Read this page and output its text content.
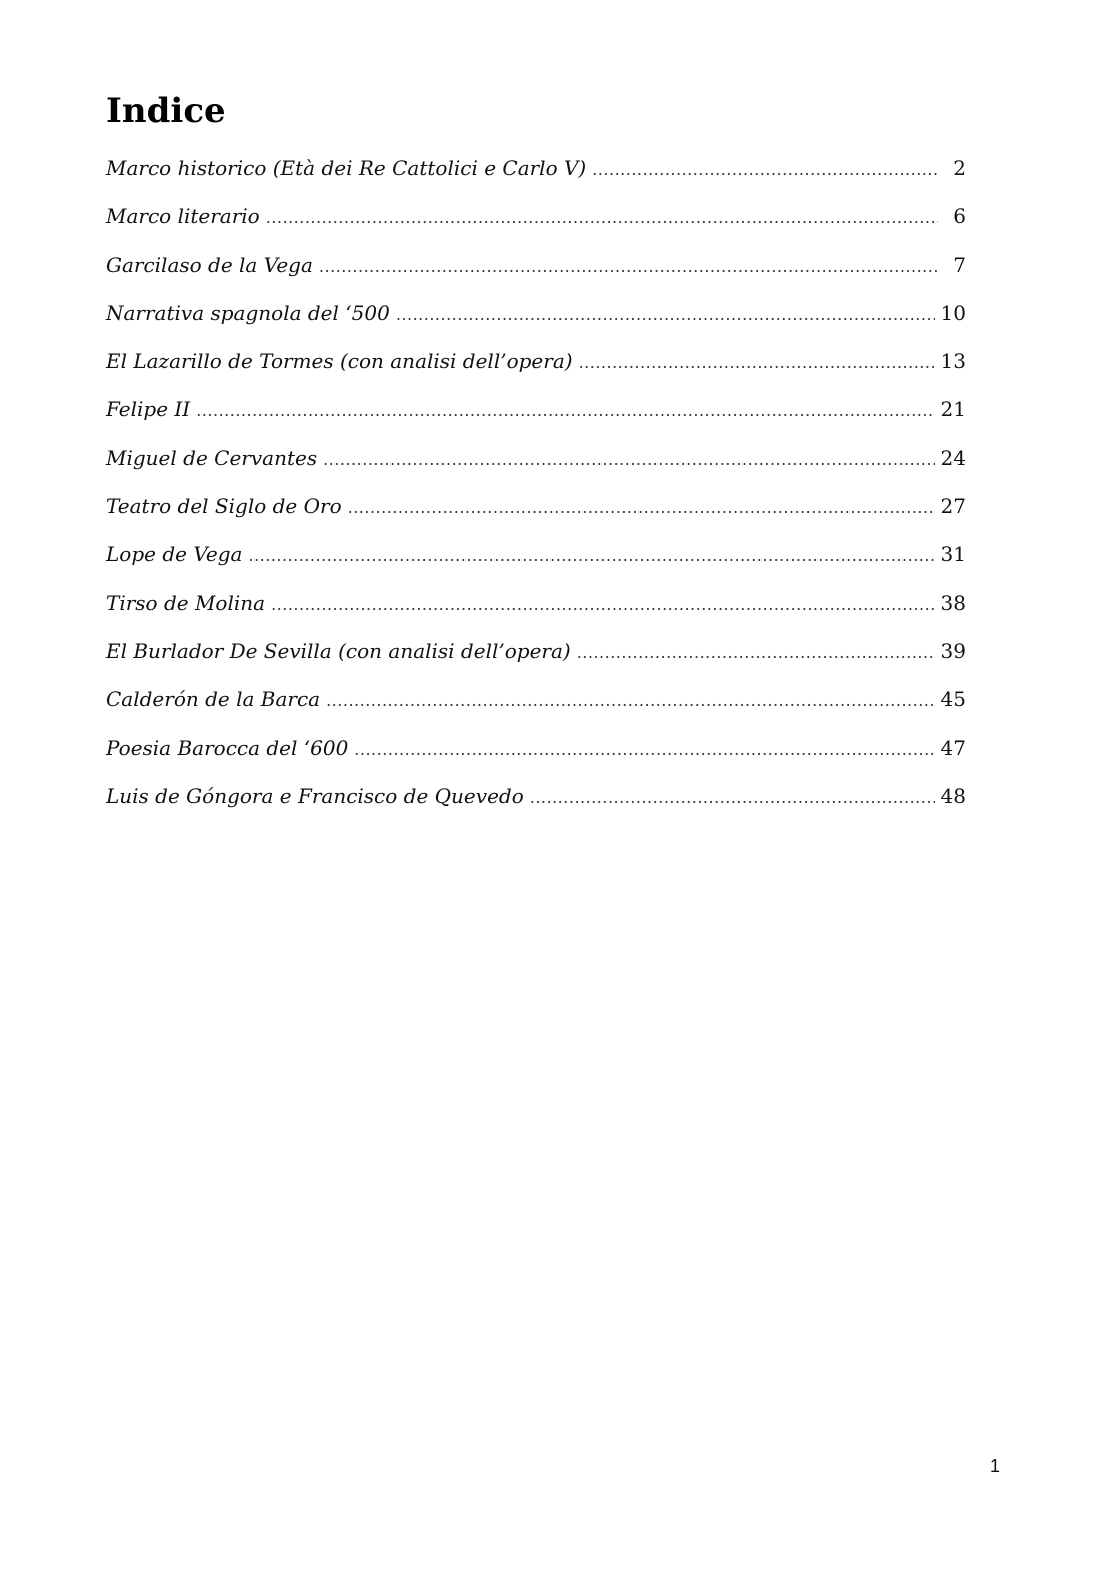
Indice
Marco historico (Età dei Re Cattolici e Carlo V) .....	2
Marco literario .....	6
Garcilaso de la Vega .....	7
Narrativa spagnola del ‘500 .....	10
El Lazarillo de Tormes (con analisi dell’opera) .....	13
Felipe II .....	21
Miguel de Cervantes .....	24
Teatro del Siglo de Oro .....	27
Lope de Vega .....	31
Tirso de Molina .....	38
El Burlador De Sevilla (con analisi dell’opera) .....	39
Calderón de la Barca .....	45
Poesia Barocca del ‘600 .....	47
Luis de Góngora e Francisco de Quevedo .....	48
1
